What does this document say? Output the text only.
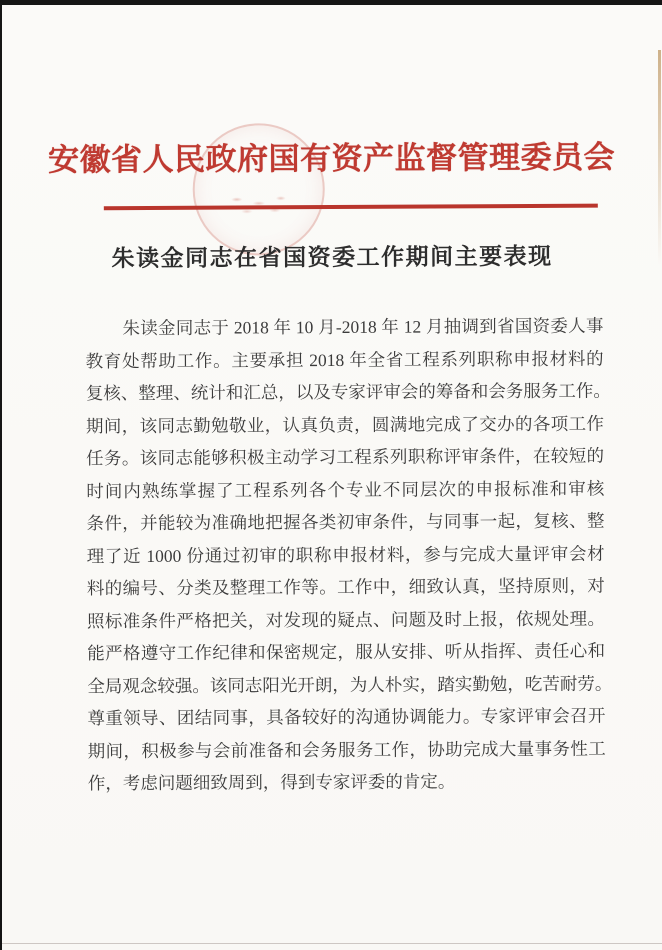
安徽省人民政府国有资产监督管理委员会
朱读金同志在省国资委工作期间主要表现
朱读金同志于 2018 年 10 月-2018 年 12 月抽调到省国资委人事
教育处帮助工作。主要承担 2018 年全省工程系列职称申报材料的
复核、整理、统计和汇总，以及专家评审会的筹备和会务服务工作。
期间，该同志勤勉敬业，认真负责，圆满地完成了交办的各项工作
任务。该同志能够积极主动学习工程系列职称评审条件，在较短的
时间内熟练掌握了工程系列各个专业不同层次的申报标准和审核
条件，并能较为准确地把握各类初审条件，与同事一起，复核、整
理了近 1000 份通过初审的职称申报材料，参与完成大量评审会材
料的编号、分类及整理工作等。工作中，细致认真，坚持原则，对
照标准条件严格把关，对发现的疑点、问题及时上报，依规处理。
能严格遵守工作纪律和保密规定，服从安排、听从指挥、责任心和
全局观念较强。该同志阳光开朗，为人朴实，踏实勤勉，吃苦耐劳。
尊重领导、团结同事，具备较好的沟通协调能力。专家评审会召开
期间，积极参与会前准备和会务服务工作，协助完成大量事务性工
作，考虑问题细致周到，得到专家评委的肯定。
